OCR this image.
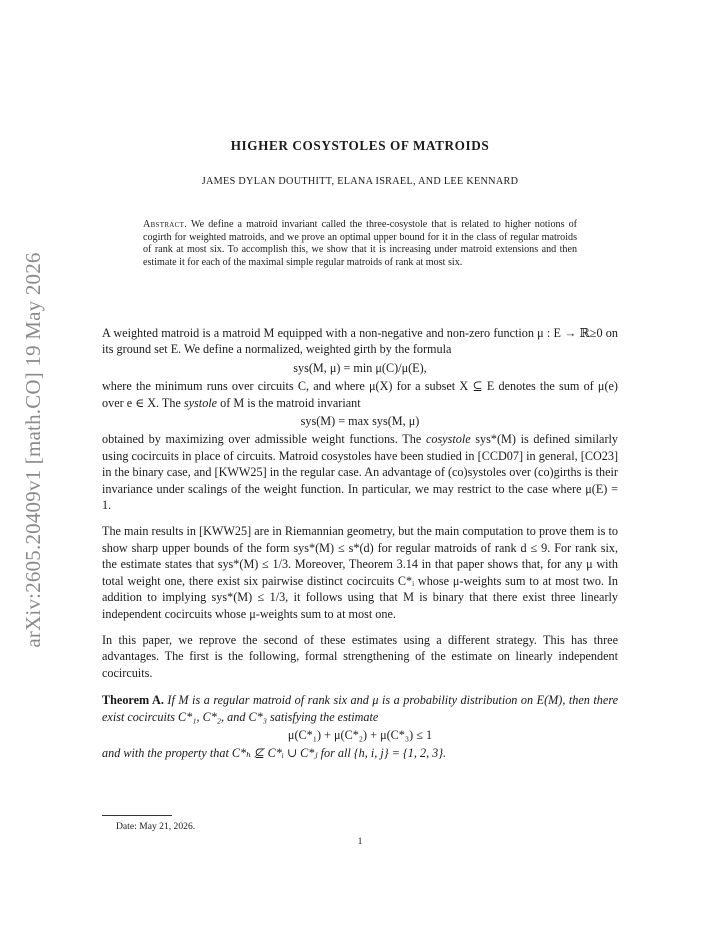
arXiv:2605.20409v1 [math.CO] 19 May 2026
HIGHER COSYSTOLES OF MATROIDS
JAMES DYLAN DOUTHITT, ELANA ISRAEL, AND LEE KENNARD
Abstract. We define a matroid invariant called the three-cosystole that is related to higher notions of cogirth for weighted matroids, and we prove an optimal upper bound for it in the class of regular matroids of rank at most six. To accomplish this, we show that it is increasing under matroid extensions and then estimate it for each of the maximal simple regular matroids of rank at most six.

A weighted matroid is a matroid M equipped with a non-negative and non-zero function μ : E → ℝ≥0 on its ground set E. We define a normalized, weighted girth by the formula

sys(M, μ) = min μ(C)/μ(E),

where the minimum runs over circuits C, and where μ(X) for a subset X ⊆ E denotes the sum of μ(e) over e ∈ X. The systole of M is the matroid invariant

sys(M) = max sys(M, μ)

obtained by maximizing over admissible weight functions. The cosystole sys*(M) is defined similarly using cocircuits in place of circuits. Matroid cosystoles have been studied in [CCD07] in general, [CO23] in the binary case, and [KWW25] in the regular case. An advantage of (co)systoles over (co)girths is their invariance under scalings of the weight function. In particular, we may restrict to the case where μ(E) = 1.

The main results in [KWW25] are in Riemannian geometry, but the main computation to prove them is to show sharp upper bounds of the form sys*(M) ≤ s*(d) for regular matroids of rank d ≤ 9. For rank six, the estimate states that sys*(M) ≤ 1/3. Moreover, Theorem 3.14 in that paper shows that, for any μ with total weight one, there exist six pairwise distinct cocircuits C*ᵢ whose μ-weights sum to at most two. In addition to implying sys*(M) ≤ 1/3, it follows using that M is binary that there exist three linearly independent cocircuits whose μ-weights sum to at most one.

In this paper, we reprove the second of these estimates using a different strategy. This has three advantages. The first is the following, formal strengthening of the estimate on linearly independent cocircuits.

Theorem A. If M is a regular matroid of rank six and μ is a probability distribution on E(M), then there exist cocircuits C*₁, C*₂, and C*₃ satisfying the estimate
μ(C*₁) + μ(C*₂) + μ(C*₃) ≤ 1

and with the property that C*ₕ ⊈ C*ᵢ ∪ C*ⱼ for all {h, i, j} = {1, 2, 3}.

Date: May 21, 2026.
1
